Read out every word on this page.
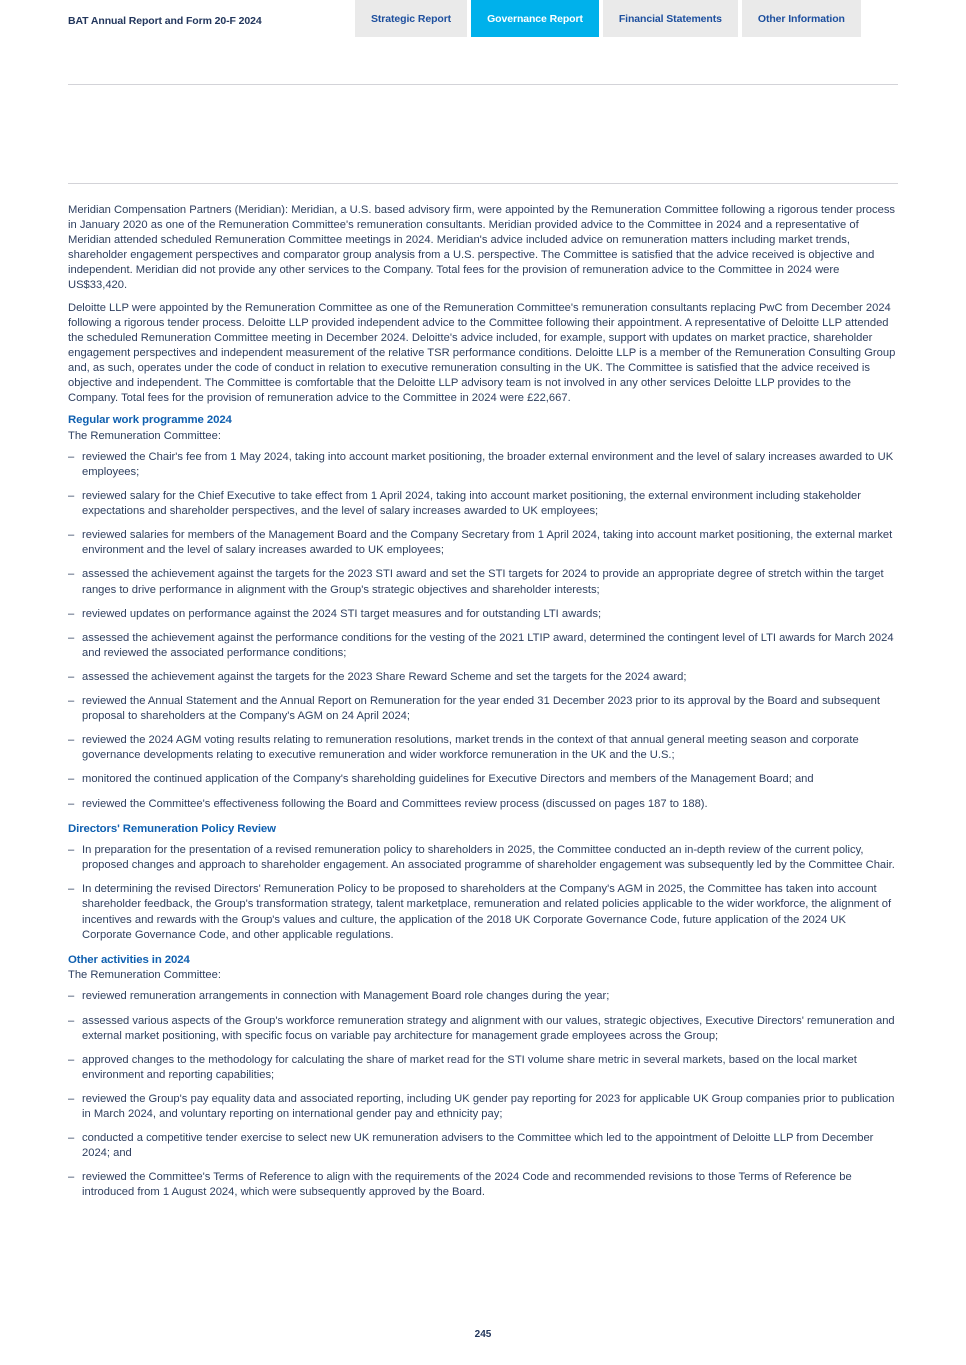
BAT Annual Report and Form 20-F 2024	Strategic Report	Governance Report	Financial Statements	Other Information

Meridian Compensation Partners (Meridian): Meridian, a U.S. based advisory firm, were appointed by the Remuneration Committee following a rigorous tender process in January 2020 as one of the Remuneration Committee's remuneration consultants. Meridian provided advice to the Committee in 2024 and a representative of Meridian attended scheduled Remuneration Committee meetings in 2024. Meridian's advice included advice on remuneration matters including market trends, shareholder engagement perspectives and comparator group analysis from a U.S. perspective. The Committee is satisfied that the advice received is objective and independent. Meridian did not provide any other services to the Company. Total fees for the provision of remuneration advice to the Committee in 2024 were US$33,420.

Deloitte LLP were appointed by the Remuneration Committee as one of the Remuneration Committee's remuneration consultants replacing PwC from December 2024 following a rigorous tender process. Deloitte LLP provided independent advice to the Committee following their appointment. A representative of Deloitte LLP attended the scheduled Remuneration Committee meeting in December 2024. Deloitte's advice included, for example, support with updates on market practice, shareholder engagement perspectives and independent measurement of the relative TSR performance conditions. Deloitte LLP is a member of the Remuneration Consulting Group and, as such, operates under the code of conduct in relation to executive remuneration consulting in the UK. The Committee is satisfied that the advice received is objective and independent. The Committee is comfortable that the Deloitte LLP advisory team is not involved in any other services Deloitte LLP provides to the Company. Total fees for the provision of remuneration advice to the Committee in 2024 were £22,667.

Regular work programme 2024

The Remuneration Committee:

– reviewed the Chair's fee from 1 May 2024, taking into account market positioning, the broader external environment and the level of salary increases awarded to UK employees;
– reviewed salary for the Chief Executive to take effect from 1 April 2024, taking into account market positioning, the external environment including stakeholder expectations and shareholder perspectives, and the level of salary increases awarded to UK employees;
– reviewed salaries for members of the Management Board and the Company Secretary from 1 April 2024, taking into account market positioning, the external market environment and the level of salary increases awarded to UK employees;
– assessed the achievement against the targets for the 2023 STI award and set the STI targets for 2024 to provide an appropriate degree of stretch within the target ranges to drive performance in alignment with the Group's strategic objectives and shareholder interests;
– reviewed updates on performance against the 2024 STI target measures and for outstanding LTI awards;
– assessed the achievement against the performance conditions for the vesting of the 2021 LTIP award, determined the contingent level of LTI awards for March 2024 and reviewed the associated performance conditions;
– assessed the achievement against the targets for the 2023 Share Reward Scheme and set the targets for the 2024 award;
– reviewed the Annual Statement and the Annual Report on Remuneration for the year ended 31 December 2023 prior to its approval by the Board and subsequent proposal to shareholders at the Company's AGM on 24 April 2024;
– reviewed the 2024 AGM voting results relating to remuneration resolutions, market trends in the context of that annual general meeting season and corporate governance developments relating to executive remuneration and wider workforce remuneration in the UK and the U.S.;
– monitored the continued application of the Company's shareholding guidelines for Executive Directors and members of the Management Board; and
– reviewed the Committee's effectiveness following the Board and Committees review process (discussed on pages 187 to 188).
Directors' Remuneration Policy Review
– In preparation for the presentation of a revised remuneration policy to shareholders in 2025, the Committee conducted an in-depth review of the current policy, proposed changes and approach to shareholder engagement. An associated programme of shareholder engagement was subsequently led by the Committee Chair.
– In determining the revised Directors' Remuneration Policy to be proposed to shareholders at the Company's AGM in 2025, the Committee has taken into account shareholder feedback, the Group's transformation strategy, talent marketplace, remuneration and related policies applicable to the wider workforce, the alignment of incentives and rewards with the Group's values and culture, the application of the 2018 UK Corporate Governance Code, future application of the 2024 UK Corporate Governance Code, and other applicable regulations.
Other activities in 2024

The Remuneration Committee:

– reviewed remuneration arrangements in connection with Management Board role changes during the year;
– assessed various aspects of the Group's workforce remuneration strategy and alignment with our values, strategic objectives, Executive Directors' remuneration and external market positioning, with specific focus on variable pay architecture for management grade employees across the Group;
– approved changes to the methodology for calculating the share of market read for the STI volume share metric in several markets, based on the local market environment and reporting capabilities;
– reviewed the Group's pay equality data and associated reporting, including UK gender pay reporting for 2023 for applicable UK Group companies prior to publication in March 2024, and voluntary reporting on international gender pay and ethnicity pay;
– conducted a competitive tender exercise to select new UK remuneration advisers to the Committee which led to the appointment of Deloitte LLP from December 2024; and
– reviewed the Committee's Terms of Reference to align with the requirements of the 2024 Code and recommended revisions to those Terms of Reference be introduced from 1 August 2024, which were subsequently approved by the Board.
245
